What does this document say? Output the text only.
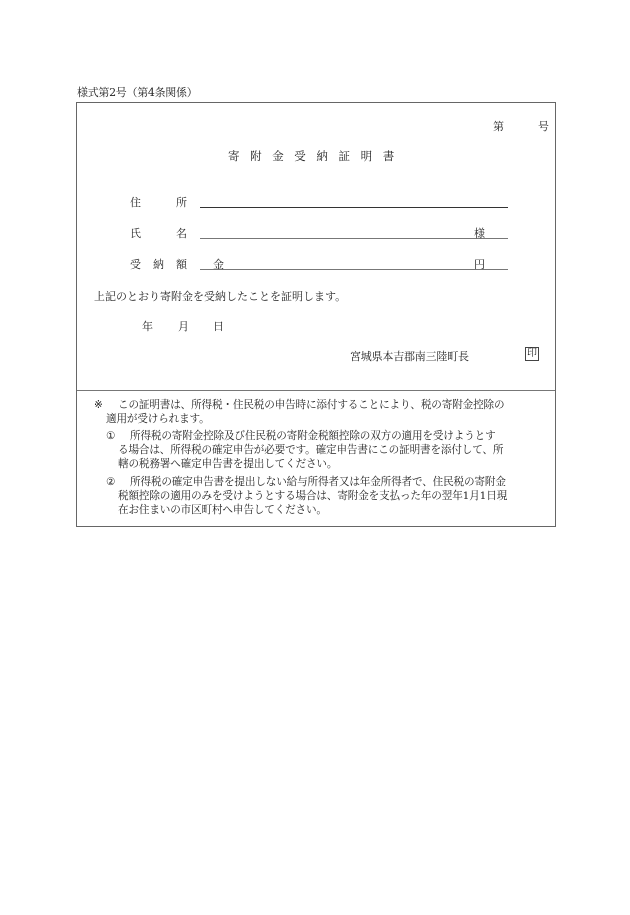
様式第2号（第4条関係）
第	号
寄附金受納証明書
住	所
氏	名	様
受 納 額 金	円
上記のとおり寄附金を受納したことを証明します。
年 月 日
宮城県本吉郡南三陸町長	印
※ この証明書は、所得税・住民税の申告時に添付することにより、税の寄附金控除の
適用が受けられます。
① 所得税の寄附金控除及び住民税の寄附金税額控除の双方の適用を受けようとす
る場合は、所得税の確定申告が必要です。確定申告書にこの証明書を添付して、所
轄の税務署へ確定申告書を提出してください。
② 所得税の確定申告書を提出しない給与所得者又は年金所得者で、住民税の寄附金
税額控除の適用のみを受けようとする場合は、寄附金を支払った年の翌年1月1日現
在お住まいの市区町村へ申告してください。
